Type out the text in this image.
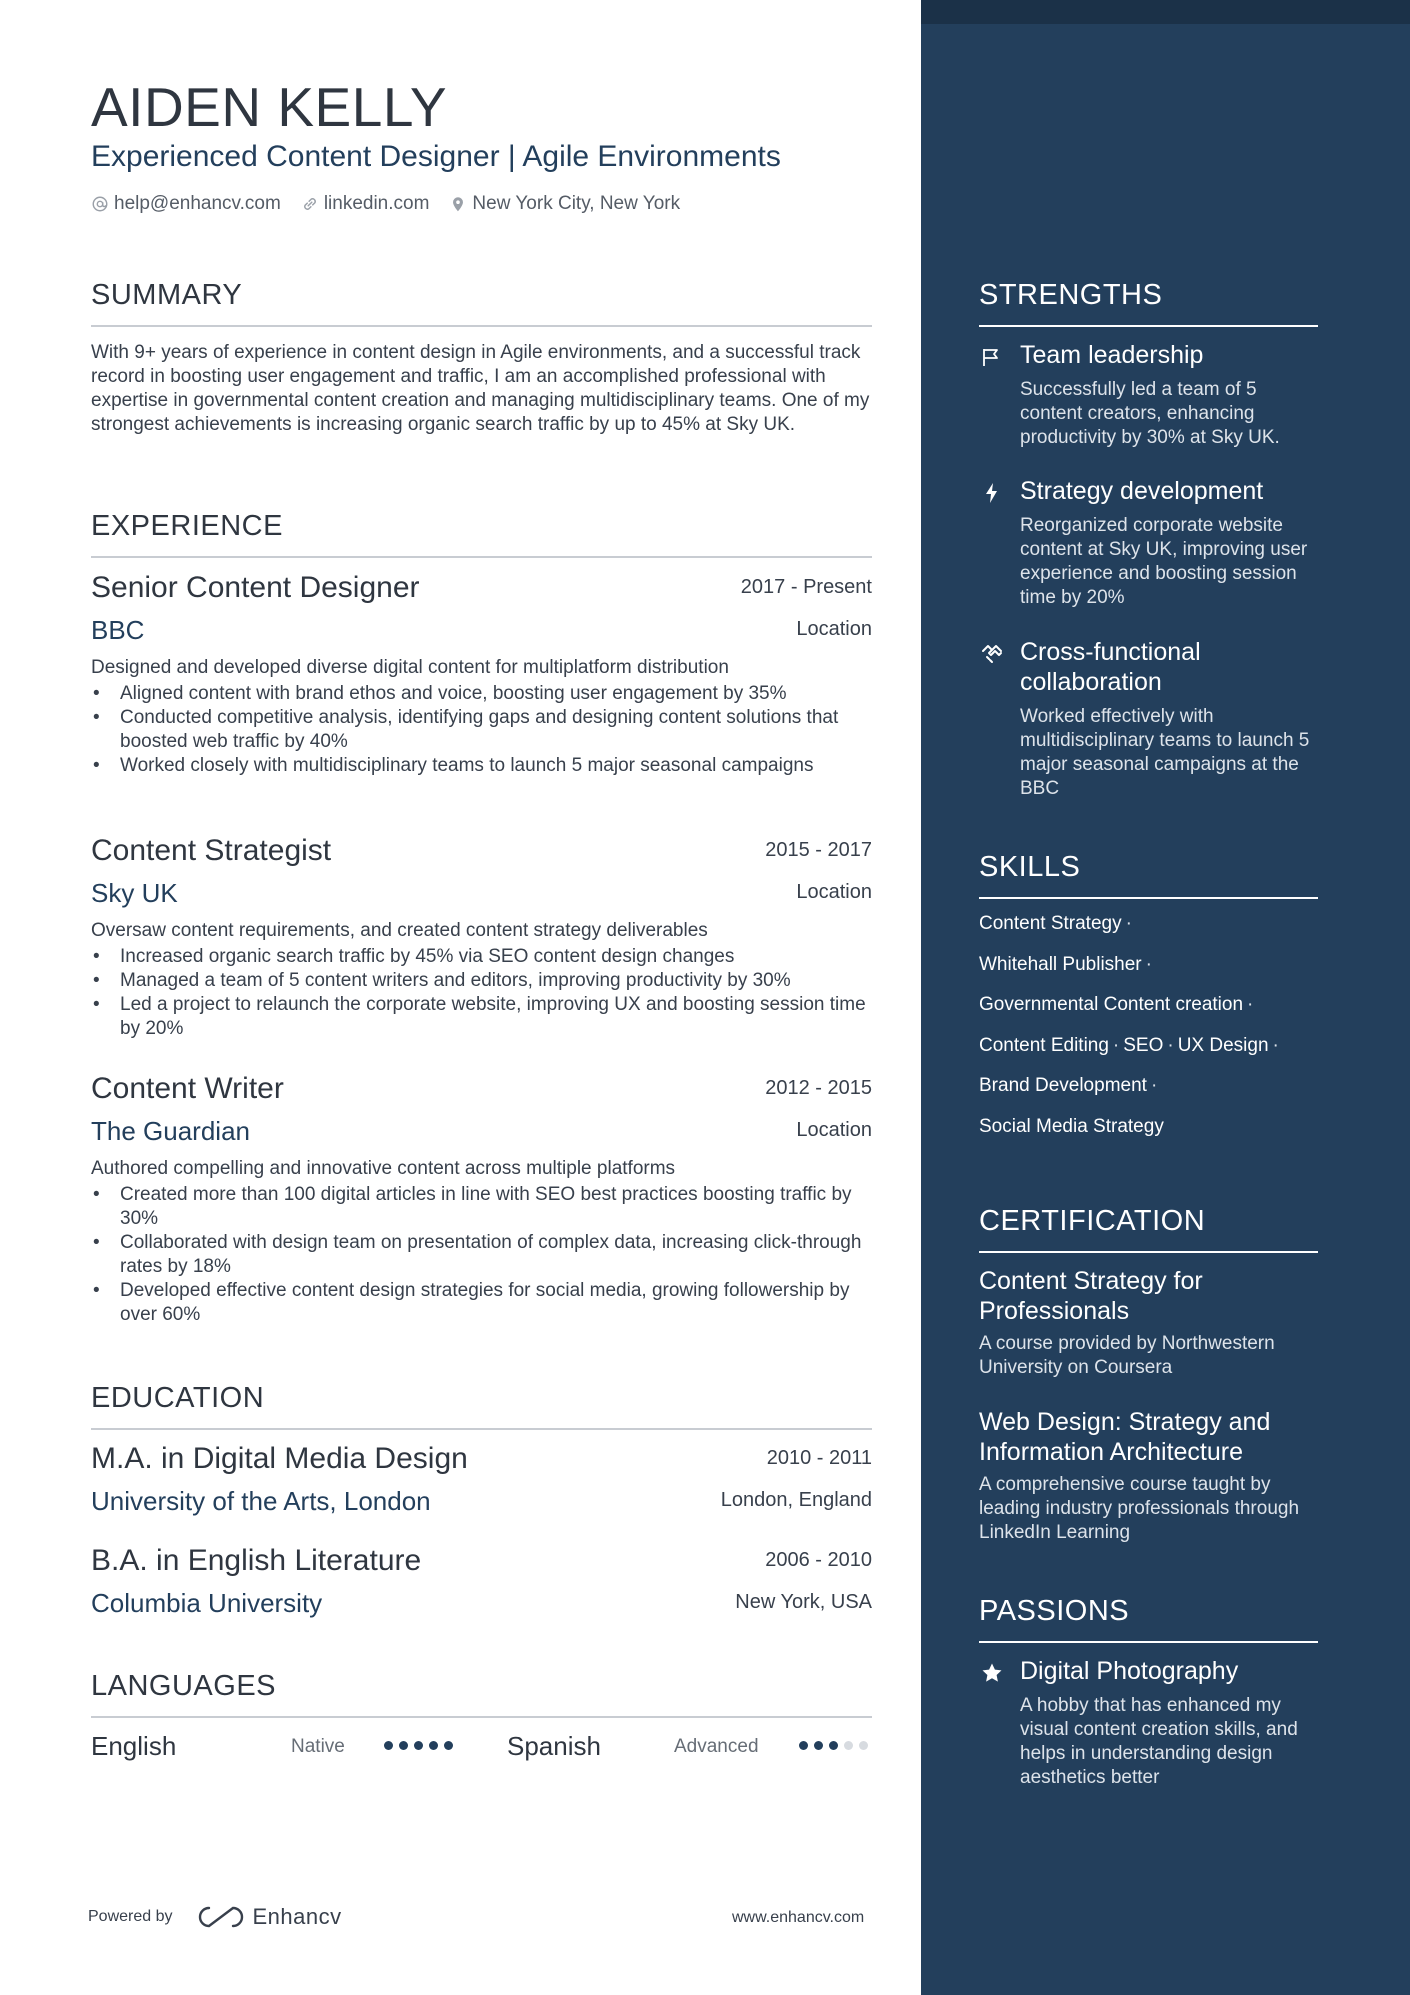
AIDEN KELLY
Experienced Content Designer | Agile Environments
help@enhancv.com linkedin.com New York City, New York
SUMMARY
With 9+ years of experience in content design in Agile environments, and a successful track record in boosting user engagement and traffic, I am an accomplished professional with expertise in governmental content creation and managing multidisciplinary teams. One of my strongest achievements is increasing organic search traffic by up to 45% at Sky UK.
EXPERIENCE
Senior Content Designer	2017 - Present
BBC	Location
Designed and developed diverse digital content for multiplatform distribution
• Aligned content with brand ethos and voice, boosting user engagement by 35%
• Conducted competitive analysis, identifying gaps and designing content solutions that boosted web traffic by 40%
• Worked closely with multidisciplinary teams to launch 5 major seasonal campaigns
Content Strategist	2015 - 2017
Sky UK	Location
Oversaw content requirements, and created content strategy deliverables
• Increased organic search traffic by 45% via SEO content design changes
• Managed a team of 5 content writers and editors, improving productivity by 30%
• Led a project to relaunch the corporate website, improving UX and boosting session time by 20%
Content Writer	2012 - 2015
The Guardian	Location
Authored compelling and innovative content across multiple platforms
• Created more than 100 digital articles in line with SEO best practices boosting traffic by 30%
• Collaborated with design team on presentation of complex data, increasing click-through rates by 18%
• Developed effective content design strategies for social media, growing followership by over 60%
EDUCATION
M.A. in Digital Media Design	2010 - 2011
University of the Arts, London	London, England
B.A. in English Literature	2006 - 2010
Columbia University	New York, USA
LANGUAGES
English	Native	Spanish	Advanced
Powered by	Enhancv	www.enhancv.com
STRENGTHS
Team leadership
Successfully led a team of 5 content creators, enhancing productivity by 30% at Sky UK.
Strategy development
Reorganized corporate website content at Sky UK, improving user experience and boosting session time by 20%
Cross-functional collaboration
Worked effectively with multidisciplinary teams to launch 5 major seasonal campaigns at the BBC
SKILLS
Content Strategy ·
Whitehall Publisher ·
Governmental Content creation ·
Content Editing · SEO · UX Design ·
Brand Development ·
Social Media Strategy
CERTIFICATION
Content Strategy for Professionals
A course provided by Northwestern University on Coursera
Web Design: Strategy and Information Architecture
A comprehensive course taught by leading industry professionals through LinkedIn Learning
PASSIONS
Digital Photography
A hobby that has enhanced my visual content creation skills, and helps in understanding design aesthetics better
